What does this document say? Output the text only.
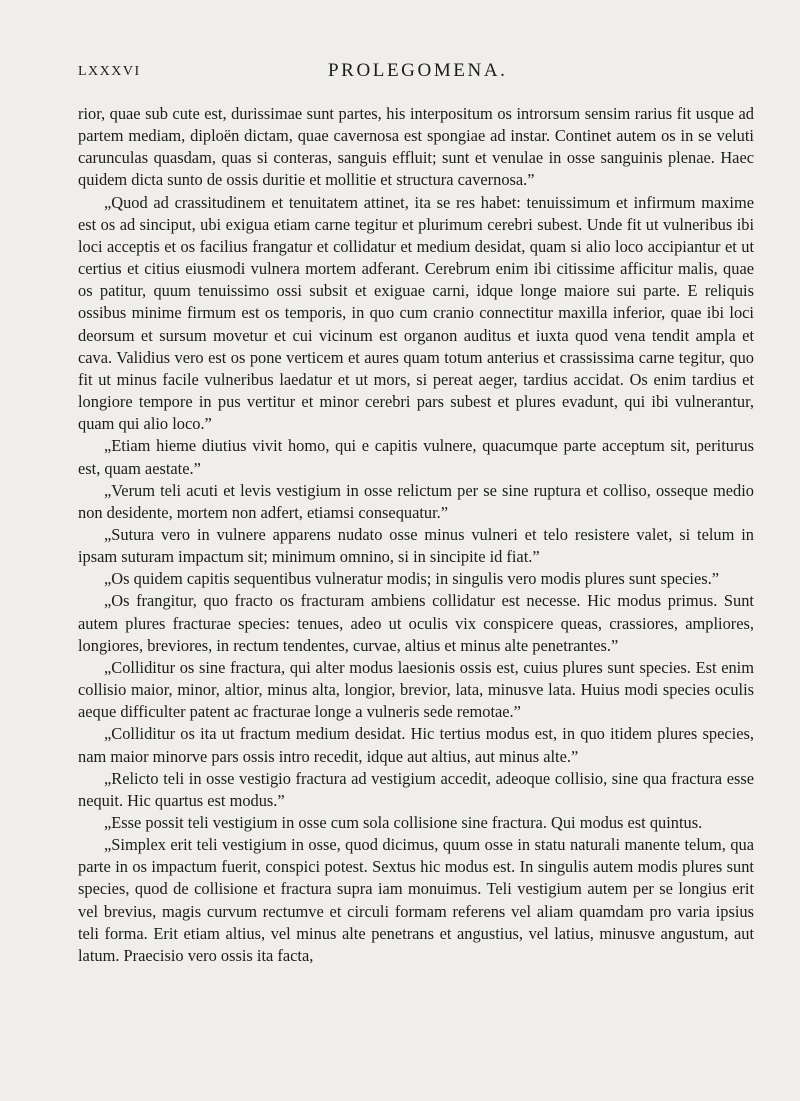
LXXXVI	PROLEGOMENA.

rior, quae sub cute est, durissimae sunt partes, his interpositum os introrsum sensim rarius fit usque ad partem mediam, diploën dictam, quae cavernosa est spongiae ad instar. Continet autem os in se veluti carunculas quasdam, quas si conteras, sanguis effluit; sunt et venulae in osse sanguinis plenae. Haec quidem dicta sunto de ossis duritie et mollitie et structura cavernosa.”

„Quod ad crassitudinem et tenuitatem attinet, ita se res habet: tenuissimum et infirmum maxime est os ad sinciput, ubi exigua etiam carne tegitur et plurimum cerebri subest. Unde fit ut vulneribus ibi loci acceptis et os facilius frangatur et collidatur et medium desidat, quam si alio loco accipiantur et ut certius et citius eiusmodi vulnera mortem adferant. Cerebrum enim ibi citissime afficitur malis, quae os patitur, quum tenuissimo ossi subsit et exiguae carni, idque longe maiore sui parte. E reliquis ossibus minime firmum est os temporis, in quo cum cranio connectitur maxilla inferior, quae ibi loci deorsum et sursum movetur et cui vicinum est organon auditus et iuxta quod vena tendit ampla et cava. Validius vero est os pone verticem et aures quam totum anterius et crassissima carne tegitur, quo fit ut minus facile vulneribus laedatur et ut mors, si pereat aeger, tardius accidat. Os enim tardius et longiore tempore in pus vertitur et minor cerebri pars subest et plures evadunt, qui ibi vulnerantur, quam qui alio loco.”

„Etiam hieme diutius vivit homo, qui e capitis vulnere, quacumque parte acceptum sit, periturus est, quam aestate.”

„Verum teli acuti et levis vestigium in osse relictum per se sine ruptura et colliso, osseque medio non desidente, mortem non adfert, etiamsi consequatur.”

„Sutura vero in vulnere apparens nudato osse minus vulneri et telo resistere valet, si telum in ipsam suturam impactum sit; minimum omnino, si in sincipite id fiat.”

„Os quidem capitis sequentibus vulneratur modis; in singulis vero modis plures sunt species.”

„Os frangitur, quo fracto os fracturam ambiens collidatur est necesse. Hic modus primus. Sunt autem plures fracturae species: tenues, adeo ut oculis vix conspicere queas, crassiores, ampliores, longiores, breviores, in rectum tendentes, curvae, altius et minus alte penetrantes.”

„Colliditur os sine fractura, qui alter modus laesionis ossis est, cuius plures sunt species. Est enim collisio maior, minor, altior, minus alta, longior, brevior, lata, minusve lata. Huius modi species oculis aeque difficulter patent ac fracturae longe a vulneris sede remotae.”

„Colliditur os ita ut fractum medium desidat. Hic tertius modus est, in quo itidem plures species, nam maior minorve pars ossis intro recedit, idque aut altius, aut minus alte.”

„Relicto teli in osse vestigio fractura ad vestigium accedit, adeoque collisio, sine qua fractura esse nequit. Hic quartus est modus.”

„Esse possit teli vestigium in osse cum sola collisione sine fractura. Qui modus est quintus.

„Simplex erit teli vestigium in osse, quod dicimus, quum osse in statu naturali manente telum, qua parte in os impactum fuerit, conspici potest. Sextus hic modus est. In singulis autem modis plures sunt species, quod de collisione et fractura supra iam monuimus. Teli vestigium autem per se longius erit vel brevius, magis curvum rectumve et circuli formam referens vel aliam quamdam pro varia ipsius teli forma. Erit etiam altius, vel minus alte penetrans et angustius, vel latius, minusve angustum, aut latum. Praecisio vero ossis ita facta,
